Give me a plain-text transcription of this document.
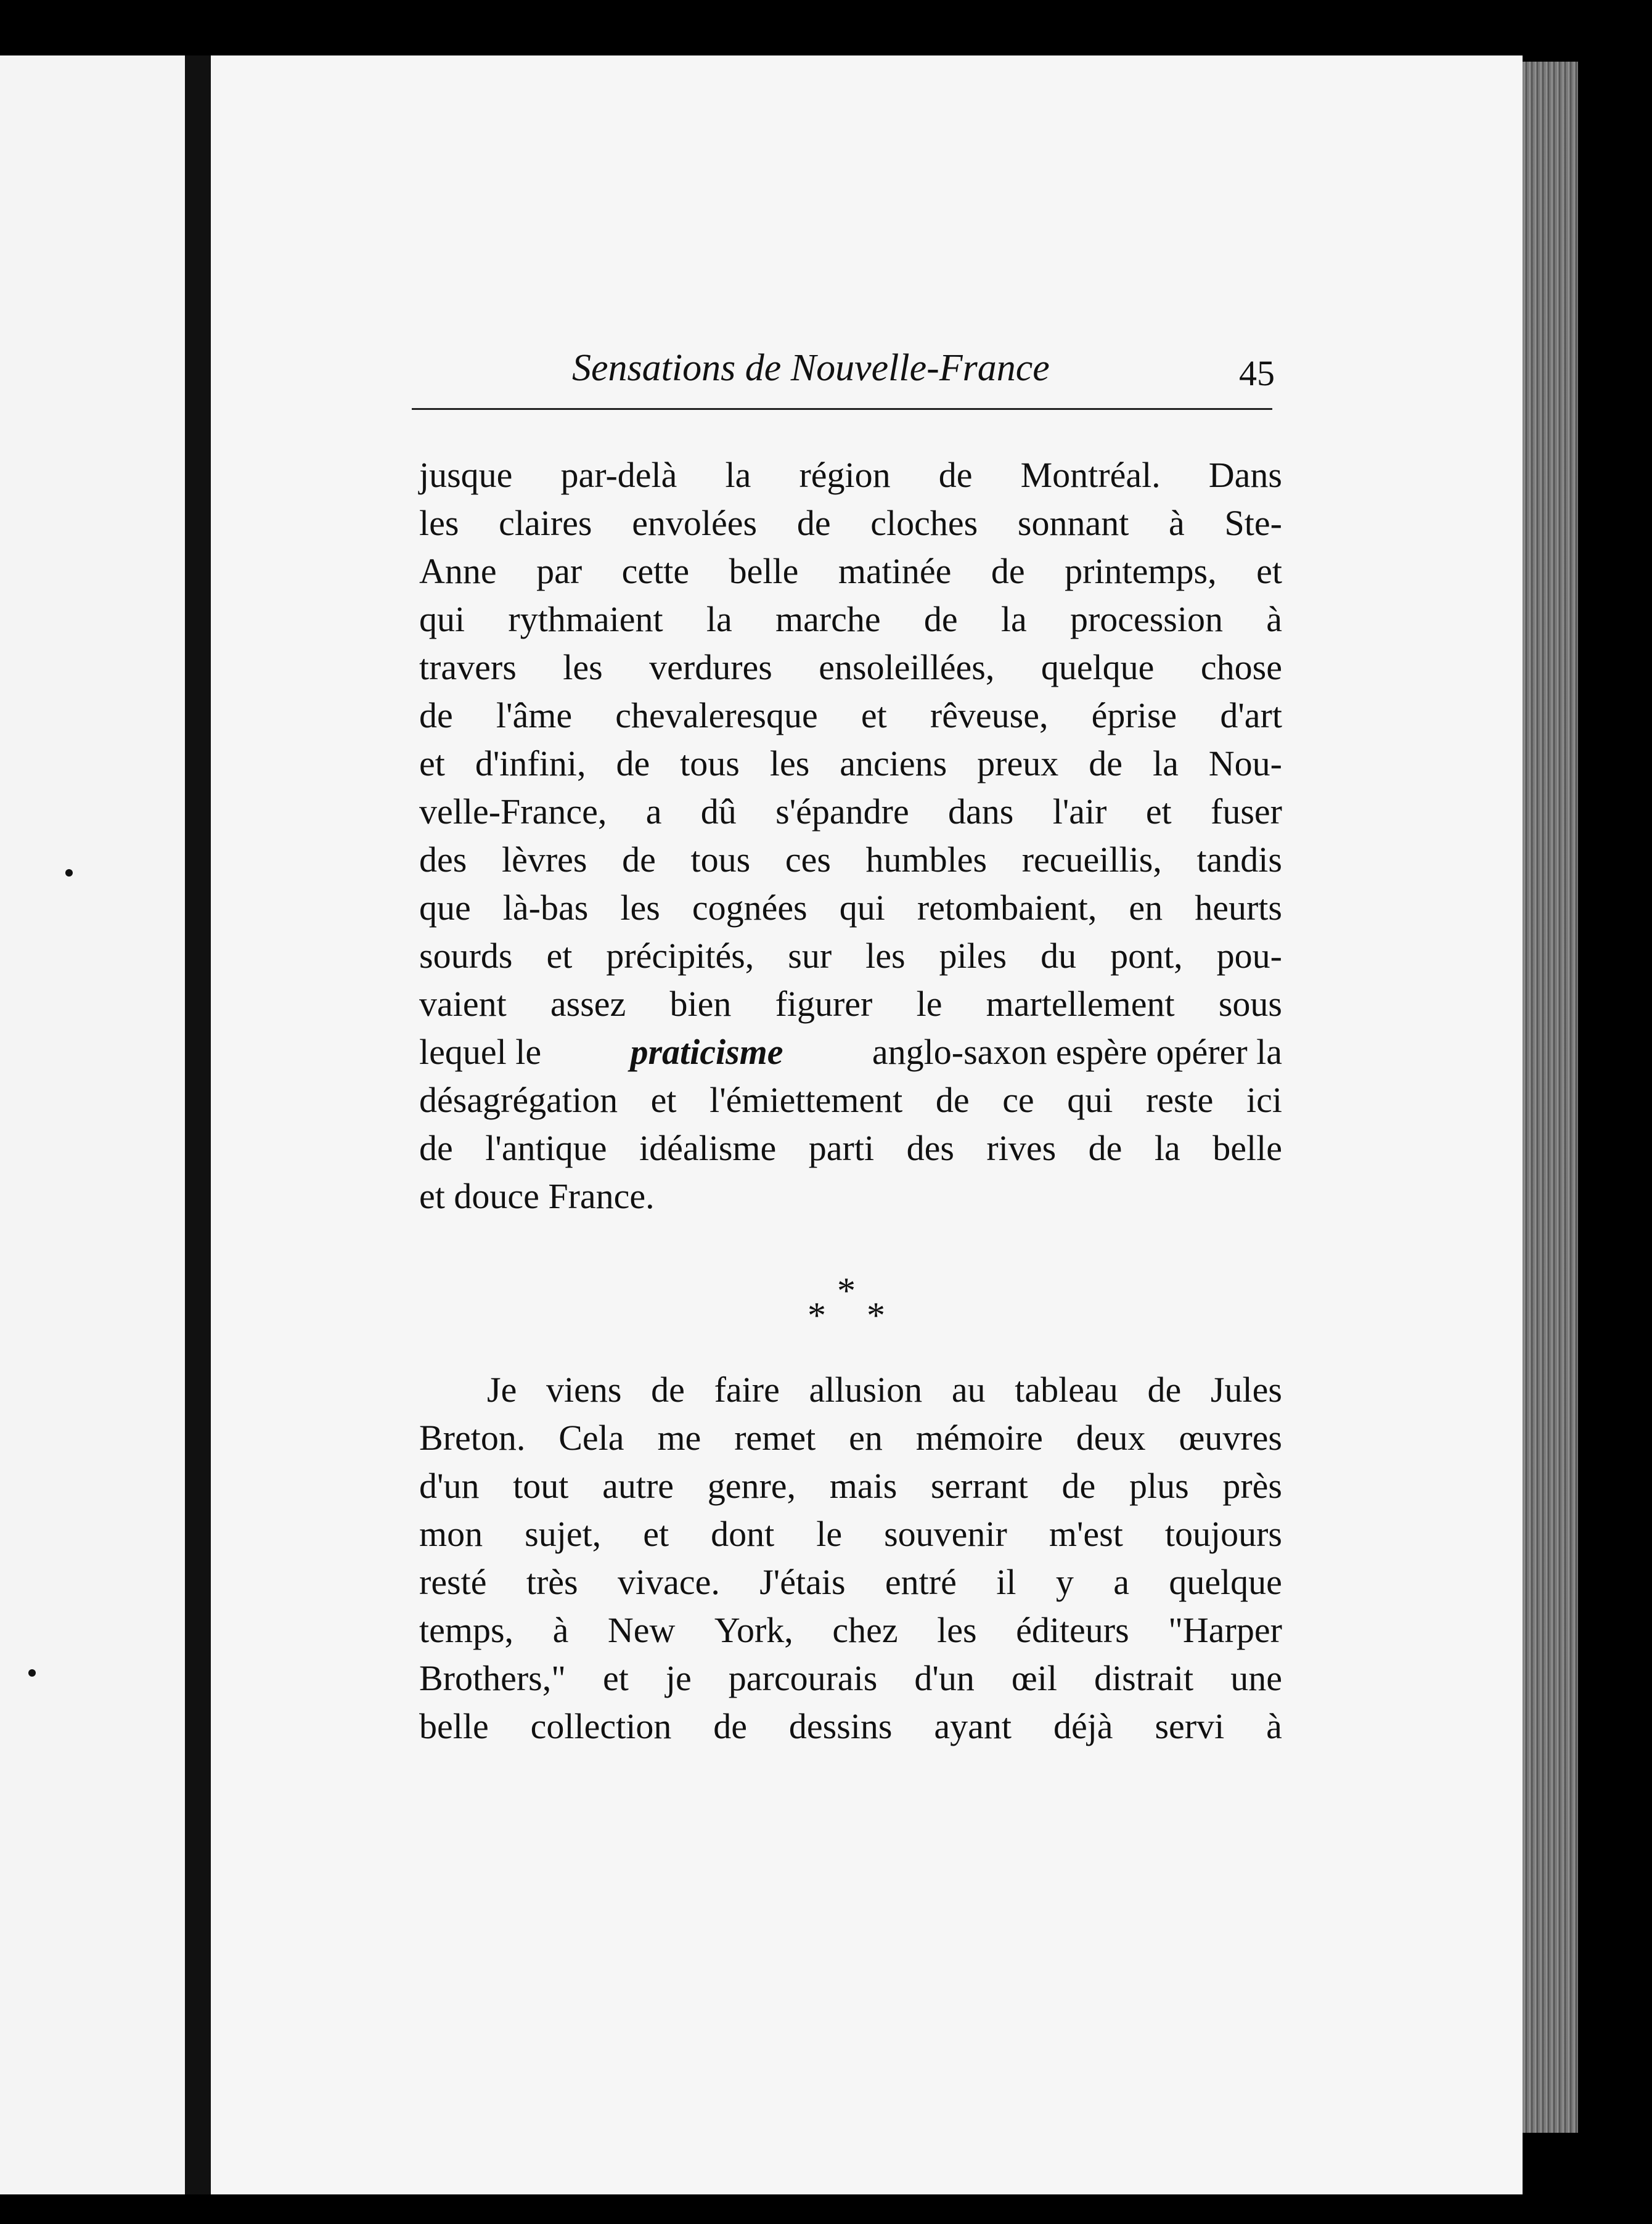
Sensations de Nouvelle-France	45
jusque par-delà la région de Montréal. Dans
les claires envolées de cloches sonnant à Ste-
Anne par cette belle matinée de printemps, et
qui rythmaient la marche de la procession à
travers les verdures ensoleillées, quelque chose
de l'âme chevaleresque et rêveuse, éprise d'art
et d'infini, de tous les anciens preux de la Nou-
velle-France, a dû s'épandre dans l'air et fuser
des lèvres de tous ces humbles recueillis, tandis
que là-bas les cognées qui retombaient, en heurts
sourds et précipités, sur les piles du pont, pou-
vaient assez bien figurer le martellement sous
lequel le praticisme anglo-saxon espère opérer la
désagrégation et l'émiettement de ce qui reste ici
de l'antique idéalisme parti des rives de la belle
et douce France.
*
* *
Je viens de faire allusion au tableau de Jules
Breton. Cela me remet en mémoire deux œuvres
d'un tout autre genre, mais serrant de plus près
mon sujet, et dont le souvenir m'est toujours
resté très vivace. J'étais entré il y a quelque
temps, à New York, chez les éditeurs "Harper
Brothers," et je parcourais d'un œil distrait une
belle collection de dessins ayant déjà servi à
